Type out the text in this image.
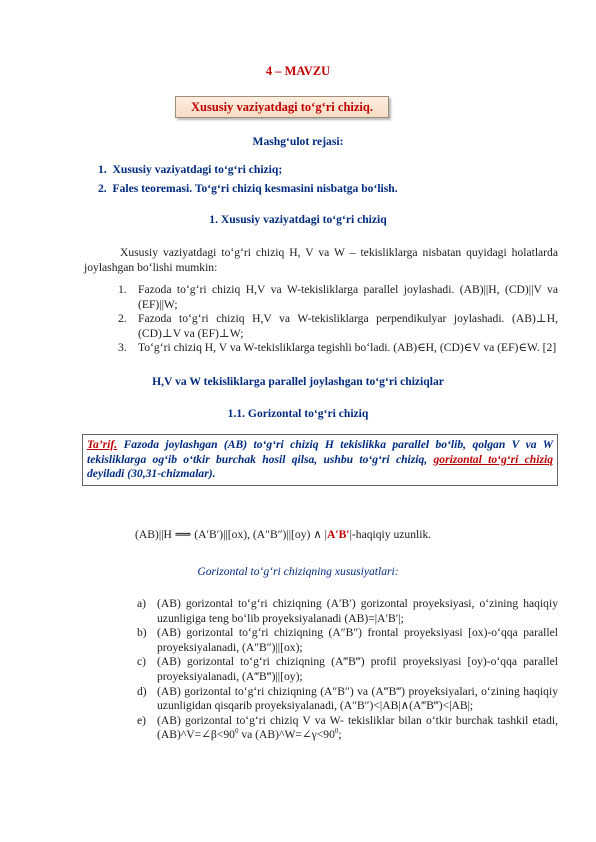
4 – MAVZU
Xususiy vaziyatdagi to‘g‘ri chiziq.
Mashg‘ulot rejasi:
1. Xususiy vaziyatdagi to‘g‘ri chiziq;
2. Fales teoremasi. To‘g‘ri chiziq kesmasini nisbatga bo‘lish.
1. Xususiy vaziyatdagi to‘g‘ri chiziq
Xususiy vaziyatdagi to‘g‘ri chiziq H, V va W – tekisliklarga nisbatan quyidagi holatlarda joylashgan bo‘lishi mumkin:
1. Fazoda to‘g‘ri chiziq H,V va W-tekisliklarga parallel joylashadi. (AB)||H, (CD)||V va (EF)||W;
2. Fazoda to‘g‘ri chiziq H,V va W-tekisliklarga perpendikulyar joylashadi. (AB)⊥H, (CD)⊥V va (EF)⊥W;
3. To‘g‘ri chiziq H, V va W-tekisliklarga tegishli bo‘ladi. (AB)∈H, (CD)∈V va (EF)∈W. [2]
H,V va W tekisliklarga parallel joylashgan to‘g‘ri chiziqlar
1.1. Gorizontal to‘g‘ri chiziq
Ta’rif. Fazoda joylashgan (AB) to‘g‘ri chiziq H tekislikka parallel bo‘lib, qolgan V va W tekisliklarga og‘ib o‘tkir burchak hosil qilsa, ushbu to‘g‘ri chiziq, gorizontal to‘g‘ri chiziq deyiladi (30,31-chizmalar).
(AB)||H ⟹ (A′B′)||[ox), (A″B″)||[oy) ∧ |A′B′|-haqiqiy uzunlik.
Gorizontal to‘g‘ri chiziqning xususiyatlari:
a) (AB) gorizontal to‘g‘ri chiziqning (A′B′) gorizontal proyeksiyasi, o‘zining haqiqiy uzunligiga teng bo‘lib proyeksiyalanadi (AB)=|A′B′|;
b) (AB) gorizontal to‘g‘ri chiziqning (A″B″) frontal proyeksiyasi [ox)-o‘qqa parallel proyeksiyalanadi, (A″B″)||[ox);
c) (AB) gorizontal to‘g‘ri chiziqning (A‴B‴) profil proyeksiyasi [oy)-o‘qqa parallel proyeksiyalanadi, (A‴B‴)||[oy);
d) (AB) gorizontal to‘g‘ri chiziqning (A″B″) va (A‴B‴) proyeksiyalari, o‘zining haqiqiy uzunligidan qisqarib proyeksiyalanadi, (A″B″)<|AB|∧(A‴B‴)<|AB|;
e) (AB) gorizontal to‘g‘ri chiziq V va W- tekisliklar bilan o‘tkir burchak tashkil etadi, $(AB)\^{}V=\angle\beta<90^0$ va $(AB)\^{}W=\angle\gamma<90^0$;
